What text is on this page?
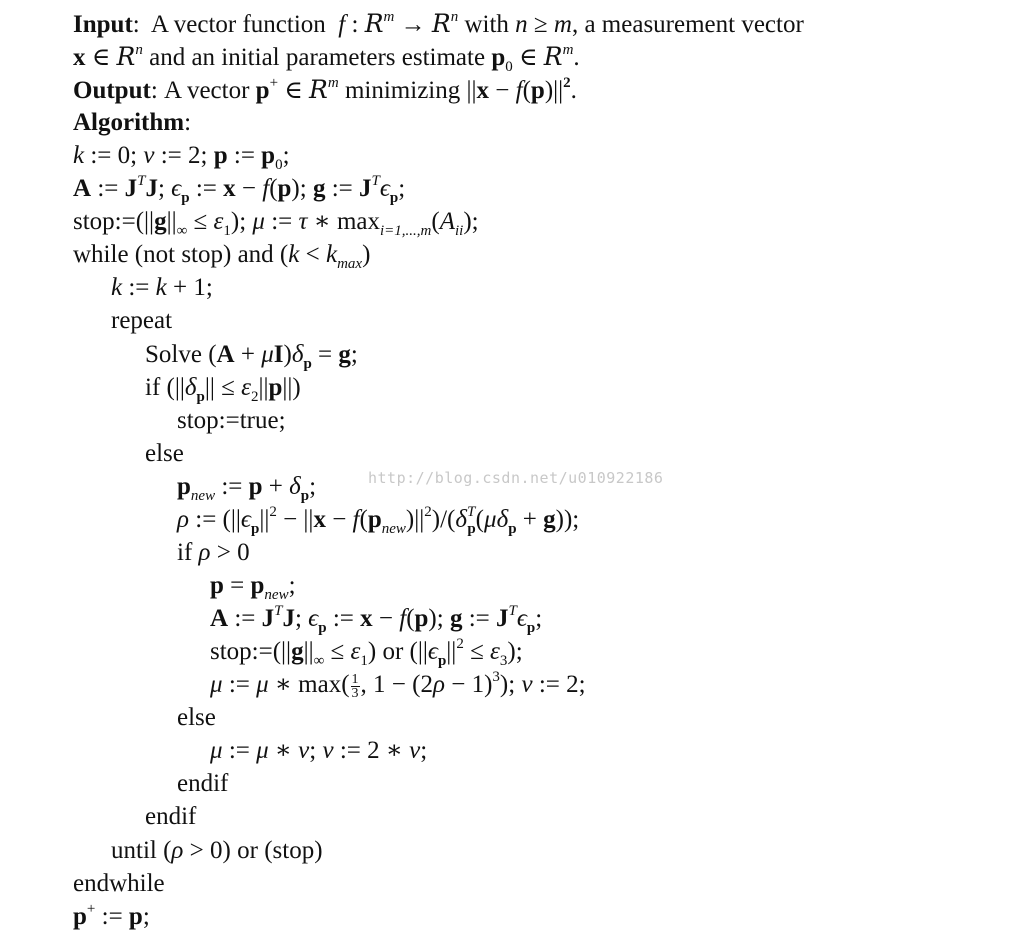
Input:  A vector function  f : $R^m \to R^n$ with n ≥ m, a measurement vector
x ∈ $R^n$ and an initial parameters estimate $p_0$ ∈ $R^m$.
Output: A vector p+ ∈ $R^m$ minimizing $||x - f(p)||^2$.
Algorithm:
k := 0; ν := 2; p := $p_0$;
A := $J^TJ$; $\epsilon_p$ := x − f(p); g := $J^T\epsilon_p$;
$stop:=(||g||_\infty \le \varepsilon_1)$; μ := τ ∗ $\max_{i=1,...,m}(A_{ii})$;
while (not stop) and $(k < k_{max})$
k := k + 1;
repeat
Solve $(A + \mu I)\delta_p = g$;
if $(||\delta_p|| \le \varepsilon_2||p||)$
stop:=true;
else
$p_{new}$ := $p + \delta_p$;
ρ := $(||\epsilon_p||^2 - ||x - f(p_{new})||^2)/(\delta^T_p(\mu\delta_p + g))$;
if ρ > 0
$p = p_{new}$;
A := $J^TJ$; $\epsilon_p$ := x − f(p); g := $J^T\epsilon_p$;
$stop:=(||g||_\infty \le \varepsilon_1)$ or $(||\epsilon_p||^2 \le \varepsilon_3)$;
μ := μ ∗ $\max( \frac{1}{3}$ , $1 - (2\rho - 1)^3$); ν := 2;
else
μ := μ ∗ ν; ν := 2 ∗ ν;
endif
endif
until (ρ > 0) or (stop)
endwhile
p+ := p;
http://blog.csdn.net/u010922186
